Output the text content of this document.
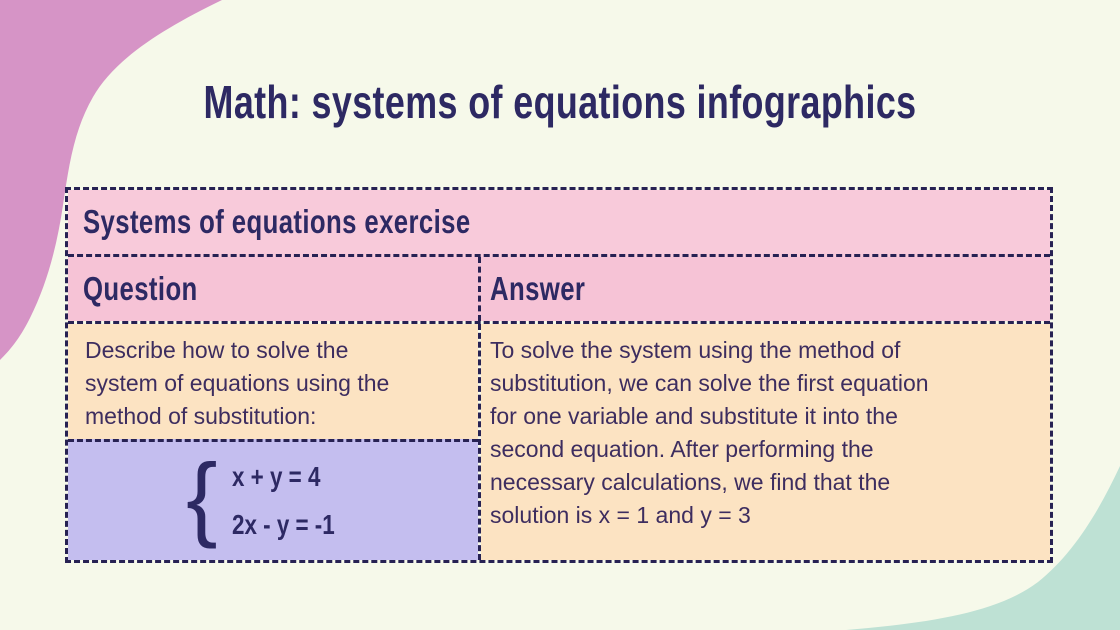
Math: systems of equations infographics
Systems of equations exercise
Question	Answer
Describe how to solve the
system of equations using the
method of substitution:
{ x + y = 4
2x - y = -1
To solve the system using the method of
substitution, we can solve the first equation
for one variable and substitute it into the
second equation. After performing the
necessary calculations, we find that the
solution is x = 1 and y = 3
